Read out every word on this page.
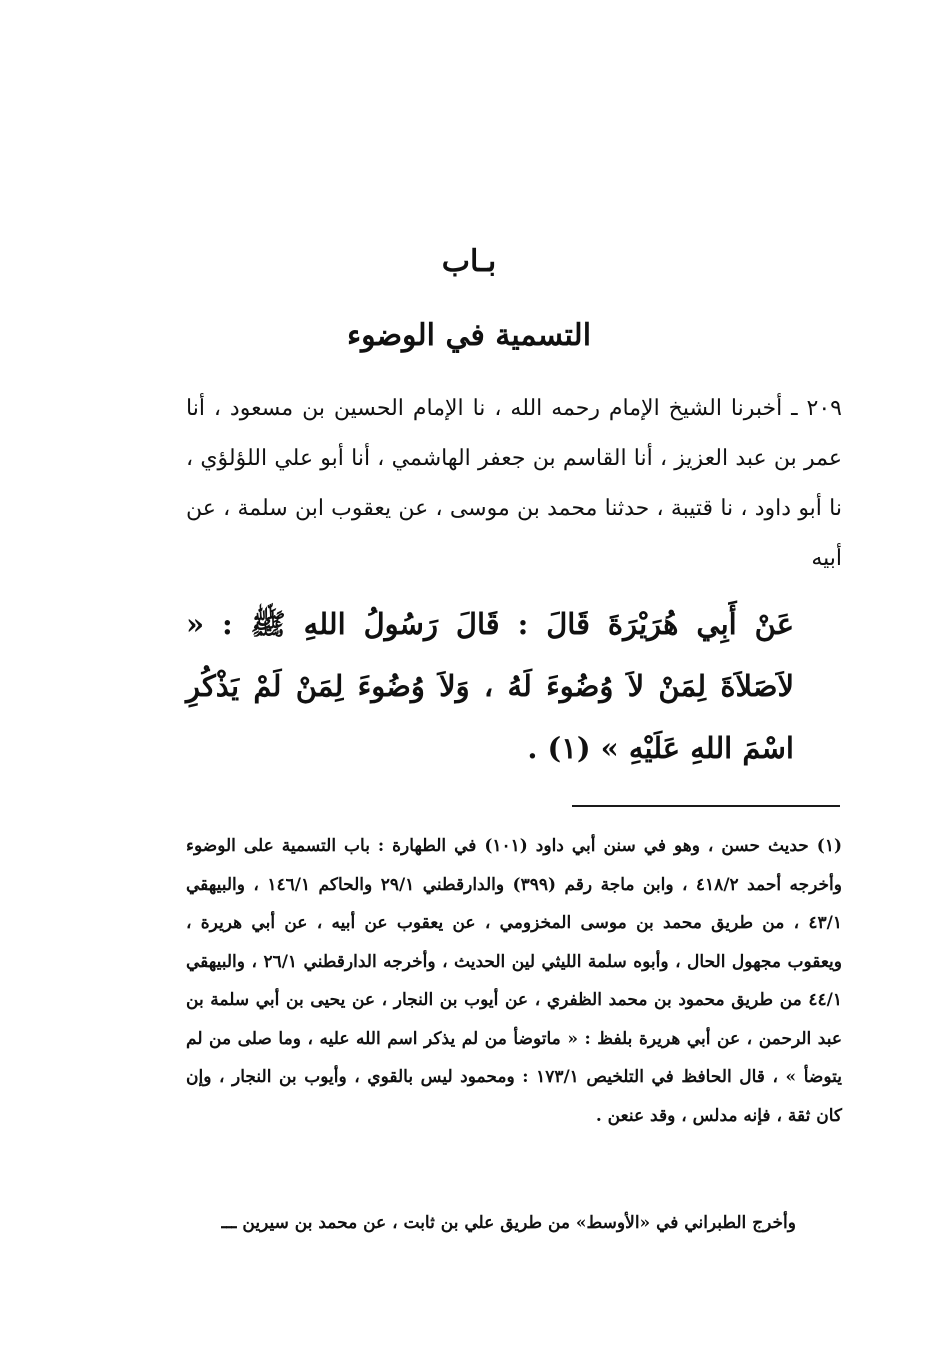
بـاب
التسمية في الوضوء
٢٠٩ ـ أخبرنا الشيخ الإمام رحمه الله ، نا الإمام الحسين بن مسعود ، أنا عمر بن عبد العزيز ، أنا القاسم بن جعفر الهاشمي ، أنا أبو علي اللؤلؤي ، نا أبو داود ، نا قتيبة ، حدثنا محمد بن موسى ، عن يعقوب ابن سلمة ، عن أبيه
عَنْ أَبِي هُرَيْرَةَ قَالَ : قَالَ رَسُولُ اللهِ ﷺ : « لاَصَلاَةَ لِمَنْ لاَ وُضُوءَ لَهُ ، وَلاَ وُضُوءَ لِمَنْ لَمْ يَذْكُرِ اسْمَ اللهِ عَلَيْهِ » (١) .
(١) حديث حسن ، وهو في سنن أبي داود (١٠١) في الطهارة : باب التسمية على الوضوء وأخرجه أحمد ٤١٨/٢ ، وابن ماجة رقم (٣٩٩) والدارقطني ٢٩/١ والحاكم ١٤٦/١ ، والبيهقي ٤٣/١ ، من طريق محمد بن موسى المخزومي ، عن يعقوب عن أبيه ، عن أبي هريرة ، ويعقوب مجهول الحال ، وأبوه سلمة الليثي لين الحديث ، وأخرجه الدارقطني ٢٦/١ ، والبيهقي ٤٤/١ من طريق محمود بن محمد الظفري ، عن أيوب بن النجار ، عن يحيى بن أبي سلمة بن عبد الرحمن ، عن أبي هريرة بلفظ : « ماتوضأ من لم يذكر اسم الله عليه ، وما صلى من لم يتوضأ » ، قال الحافظ في التلخيص ١٧٣/١ : ومحمود ليس بالقوي ، وأيوب بن النجار ، وإن كان ثقة ، فإنه مدلس ، وقد عنعن .
وأخرج الطبراني في «الأوسط» من طريق علي بن ثابت ، عن محمد بن سيرين ـــ
